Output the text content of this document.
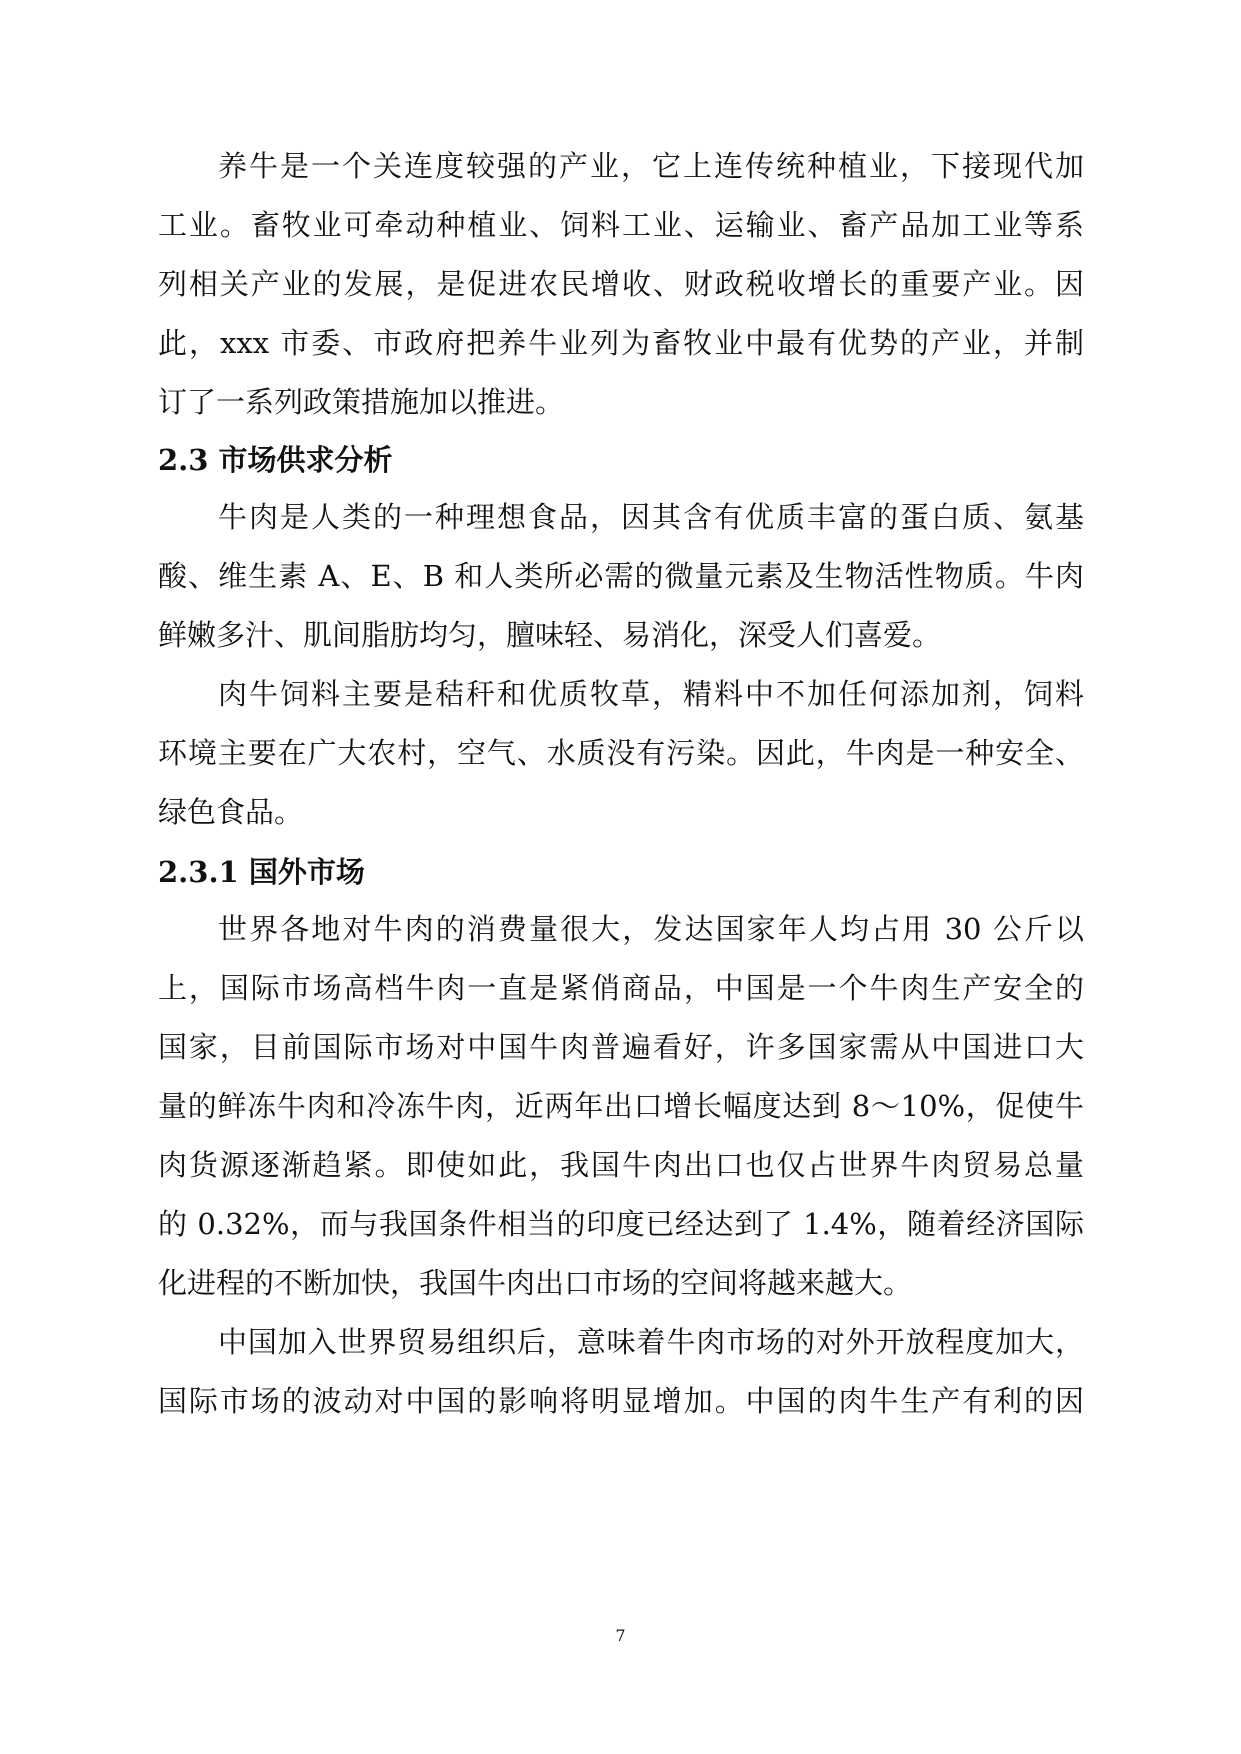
养牛是一个关连度较强的产业，它上连传统种植业，下接现代加
工业。畜牧业可牵动种植业、饲料工业、运输业、畜产品加工业等系
列相关产业的发展，是促进农民增收、财政税收增长的重要产业。因
此，xxx 市委、市政府把养牛业列为畜牧业中最有优势的产业，并制
订了一系列政策措施加以推进。
2.3 市场供求分析
牛肉是人类的一种理想食品，因其含有优质丰富的蛋白质、氨基
酸、维生素 A、E、B 和人类所必需的微量元素及生物活性物质。牛肉
鲜嫩多汁、肌间脂肪均匀，膻味轻、易消化，深受人们喜爱。
肉牛饲料主要是秸秆和优质牧草，精料中不加任何添加剂，饲料
环境主要在广大农村，空气、水质没有污染。因此，牛肉是一种安全、
绿色食品。
2.3.1 国外市场
世界各地对牛肉的消费量很大，发达国家年人均占用 30 公斤以
上，国际市场高档牛肉一直是紧俏商品，中国是一个牛肉生产安全的
国家，目前国际市场对中国牛肉普遍看好，许多国家需从中国进口大
量的鲜冻牛肉和冷冻牛肉，近两年出口增长幅度达到 8～10%，促使牛
肉货源逐渐趋紧。即使如此，我国牛肉出口也仅占世界牛肉贸易总量
的 0.32%，而与我国条件相当的印度已经达到了 1.4%，随着经济国际
化进程的不断加快，我国牛肉出口市场的空间将越来越大。
中国加入世界贸易组织后，意味着牛肉市场的对外开放程度加大，
国际市场的波动对中国的影响将明显增加。中国的肉牛生产有利的因
7
